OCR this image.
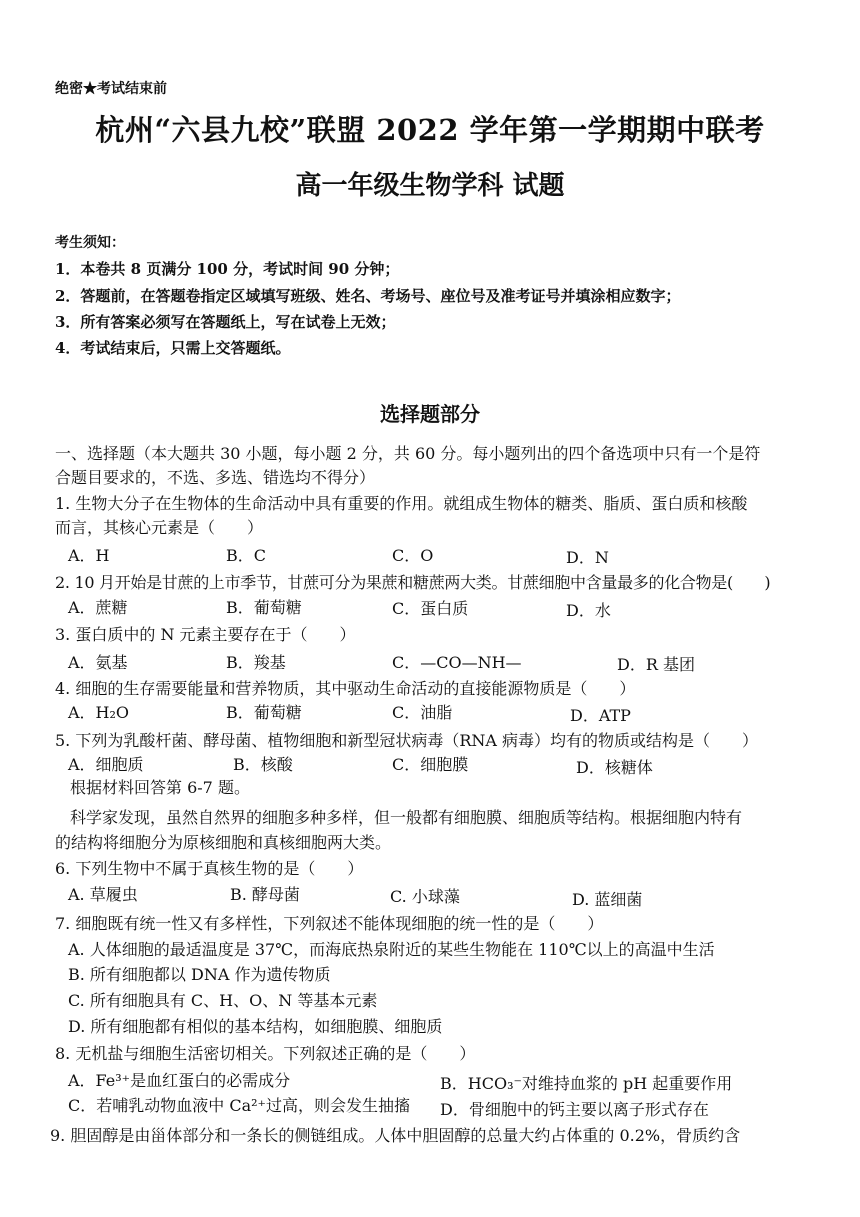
绝密★考试结束前
杭州“六县九校”联盟 2022 学年第一学期期中联考
高一年级生物学科 试题
考生须知：
1．本卷共 8 页满分 100 分，考试时间 90 分钟；
2．答题前，在答题卷指定区域填写班级、姓名、考场号、座位号及准考证号并填涂相应数字；
3．所有答案必须写在答题纸上，写在试卷上无效；
4．考试结束后，只需上交答题纸。
选择题部分
一、选择题（本大题共 30 小题，每小题 2 分，共 60 分。每小题列出的四个备选项中只有一个是符
合题目要求的，不选、多选、错选均不得分）
1. 生物大分子在生物体的生命活动中具有重要的作用。就组成生物体的糖类、脂质、蛋白质和核酸
而言，其核心元素是（　　）
A．H	B．C	C．O	D．N
2. 10 月开始是甘蔗的上市季节，甘蔗可分为果蔗和糖蔗两大类。甘蔗细胞中含量最多的化合物是(　　)
A．蔗糖	B．葡萄糖	C．蛋白质	D．水
3. 蛋白质中的 N 元素主要存在于（　　）
A．氨基	B．羧基	C．—CO—NH—	D．R 基团
4. 细胞的生存需要能量和营养物质，其中驱动生命活动的直接能源物质是（　　）
A．H₂O	B．葡萄糖	C．油脂	D．ATP
5. 下列为乳酸杆菌、酵母菌、植物细胞和新型冠状病毒（RNA 病毒）均有的物质或结构是（　　）
A．细胞质	B．核酸	C．细胞膜	D．核糖体
根据材料回答第 6-7 题。
科学家发现，虽然自然界的细胞多种多样，但一般都有细胞膜、细胞质等结构。根据细胞内特有
的结构将细胞分为原核细胞和真核细胞两大类。
6. 下列生物中不属于真核生物的是（　　）
A. 草履虫	B. 酵母菌	C. 小球藻	D. 蓝细菌
7. 细胞既有统一性又有多样性，下列叙述不能体现细胞的统一性的是（　　）
A. 人体细胞的最适温度是 37℃，而海底热泉附近的某些生物能在 110℃以上的高温中生活
B. 所有细胞都以 DNA 作为遗传物质
C. 所有细胞具有 C、H、O、N 等基本元素
D. 所有细胞都有相似的基本结构，如细胞膜、细胞质
8. 无机盐与细胞生活密切相关。下列叙述正确的是（　　）
A．Fe³⁺是血红蛋白的必需成分	B．HCO₃⁻对维持血浆的 pH 起重要作用
C．若哺乳动物血液中 Ca²⁺过高，则会发生抽搐 D．骨细胞中的钙主要以离子形式存在
9. 胆固醇是由甾体部分和一条长的侧链组成。人体中胆固醇的总量大约占体重的 0.2%，骨质约含
